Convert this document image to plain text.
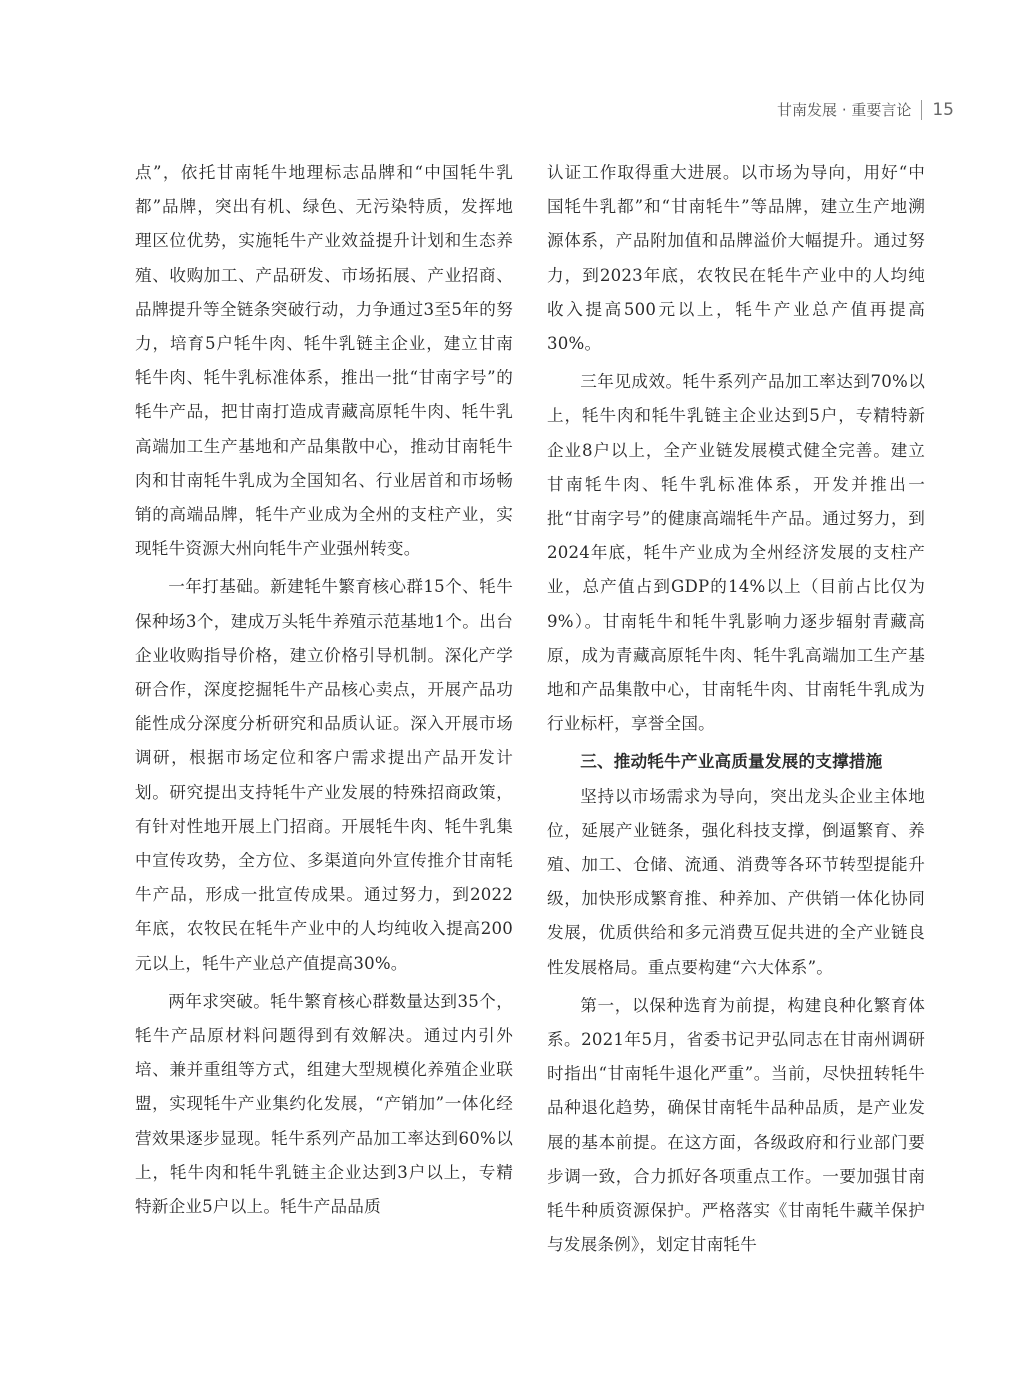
甘南发展 · 重要言论 15

点”，依托甘南牦牛地理标志品牌和“中国牦牛乳都”品牌，突出有机、绿色、无污染特质，发挥地理区位优势，实施牦牛产业效益提升计划和生态养殖、收购加工、产品研发、市场拓展、产业招商、品牌提升等全链条突破行动，力争通过3至5年的努力，培育5户牦牛肉、牦牛乳链主企业，建立甘南牦牛肉、牦牛乳标准体系，推出一批“甘南字号”的牦牛产品，把甘南打造成青藏高原牦牛肉、牦牛乳高端加工生产基地和产品集散中心，推动甘南牦牛肉和甘南牦牛乳成为全国知名、行业居首和市场畅销的高端品牌，牦牛产业成为全州的支柱产业，实现牦牛资源大州向牦牛产业强州转变。

一年打基础。新建牦牛繁育核心群15个、牦牛保种场3个，建成万头牦牛养殖示范基地1个。出台企业收购指导价格，建立价格引导机制。深化产学研合作，深度挖掘牦牛产品核心卖点，开展产品功能性成分深度分析研究和品质认证。深入开展市场调研，根据市场定位和客户需求提出产品开发计划。研究提出支持牦牛产业发展的特殊招商政策，有针对性地开展上门招商。开展牦牛肉、牦牛乳集中宣传攻势，全方位、多渠道向外宣传推介甘南牦牛产品，形成一批宣传成果。通过努力，到2022年底，农牧民在牦牛产业中的人均纯收入提高200元以上，牦牛产业总产值提高30%。

两年求突破。牦牛繁育核心群数量达到35个，牦牛产品原材料问题得到有效解决。通过内引外培、兼并重组等方式，组建大型规模化养殖企业联盟，实现牦牛产业集约化发展，“产销加”一体化经营效果逐步显现。牦牛系列产品加工率达到60%以上，牦牛肉和牦牛乳链主企业达到3户以上，专精特新企业5户以上。牦牛产品品质

认证工作取得重大进展。以市场为导向，用好“中国牦牛乳都”和“甘南牦牛”等品牌，建立生产地溯源体系，产品附加值和品牌溢价大幅提升。通过努力，到2023年底，农牧民在牦牛产业中的人均纯收入提高500元以上，牦牛产业总产值再提高30%。

三年见成效。牦牛系列产品加工率达到70%以上，牦牛肉和牦牛乳链主企业达到5户，专精特新企业8户以上，全产业链发展模式健全完善。建立甘南牦牛肉、牦牛乳标准体系，开发并推出一批“甘南字号”的健康高端牦牛产品。通过努力，到2024年底，牦牛产业成为全州经济发展的支柱产业，总产值占到GDP的14%以上（目前占比仅为9%）。甘南牦牛和牦牛乳影响力逐步辐射青藏高原，成为青藏高原牦牛肉、牦牛乳高端加工生产基地和产品集散中心，甘南牦牛肉、甘南牦牛乳成为行业标杆，享誉全国。

三、推动牦牛产业高质量发展的支撑措施

坚持以市场需求为导向，突出龙头企业主体地位，延展产业链条，强化科技支撑，倒逼繁育、养殖、加工、仓储、流通、消费等各环节转型提能升级，加快形成繁育推、种养加、产供销一体化协同发展，优质供给和多元消费互促共进的全产业链良性发展格局。重点要构建“六大体系”。

第一，以保种选育为前提，构建良种化繁育体系。2021年5月，省委书记尹弘同志在甘南州调研时指出“甘南牦牛退化严重”。当前，尽快扭转牦牛品种退化趋势，确保甘南牦牛品种品质，是产业发展的基本前提。在这方面，各级政府和行业部门要步调一致，合力抓好各项重点工作。一要加强甘南牦牛种质资源保护。严格落实《甘南牦牛藏羊保护与发展条例》，划定甘南牦牛
